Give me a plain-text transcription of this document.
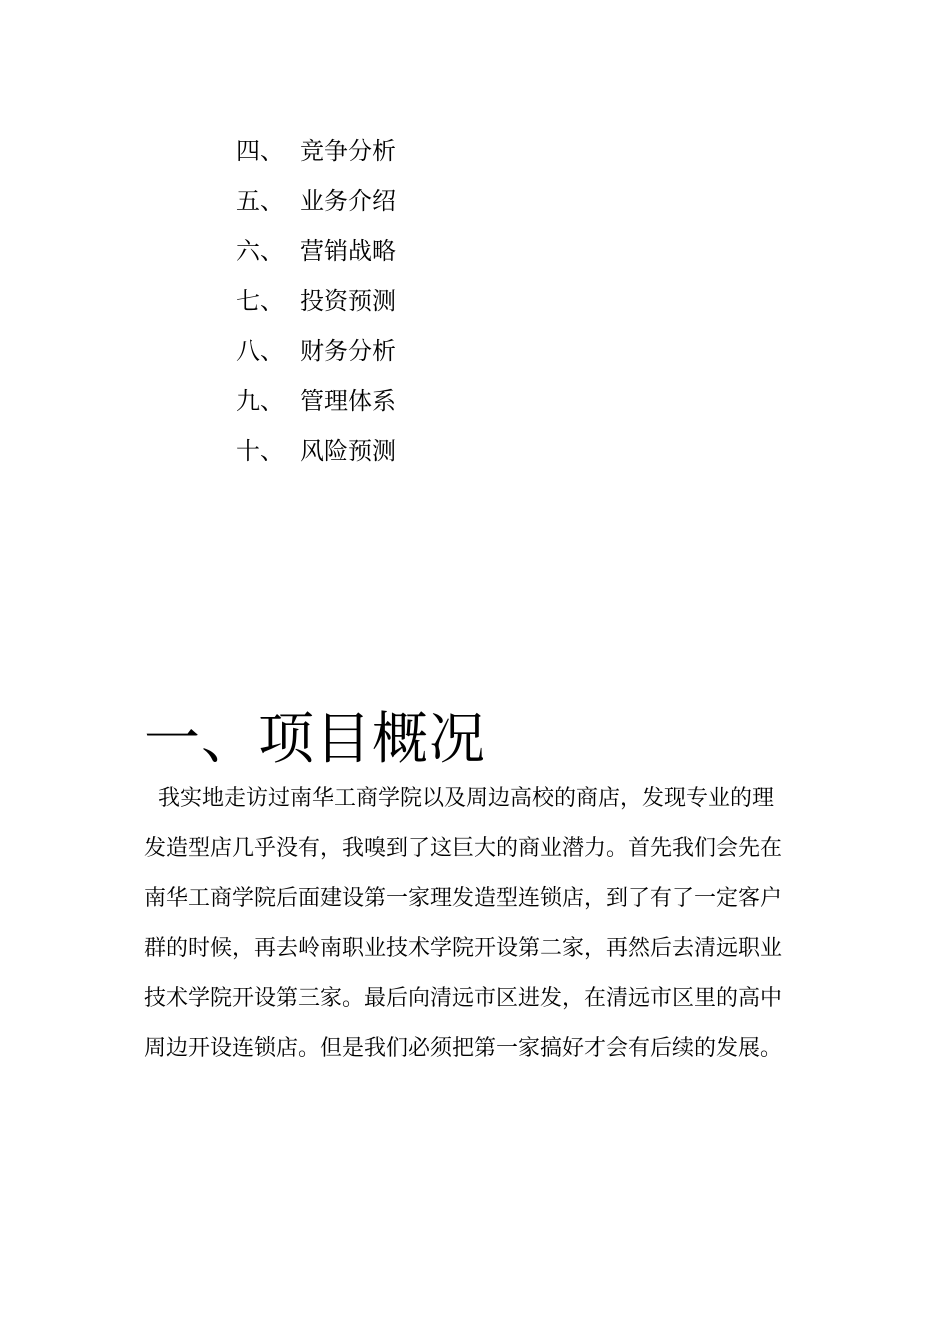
四、 竞争分析
五、 业务介绍
六、 营销战略
七、 投资预测
八、 财务分析
九、 管理体系
十、 风险预测
一、项目概况
我实地走访过南华工商学院以及周边高校的商店，发现专业的理
发造型店几乎没有，我嗅到了这巨大的商业潜力。首先我们会先在
南华工商学院后面建设第一家理发造型连锁店，到了有了一定客户
群的时候，再去岭南职业技术学院开设第二家，再然后去清远职业
技术学院开设第三家。最后向清远市区进发，在清远市区里的高中
周边开设连锁店。但是我们必须把第一家搞好才会有后续的发展。
